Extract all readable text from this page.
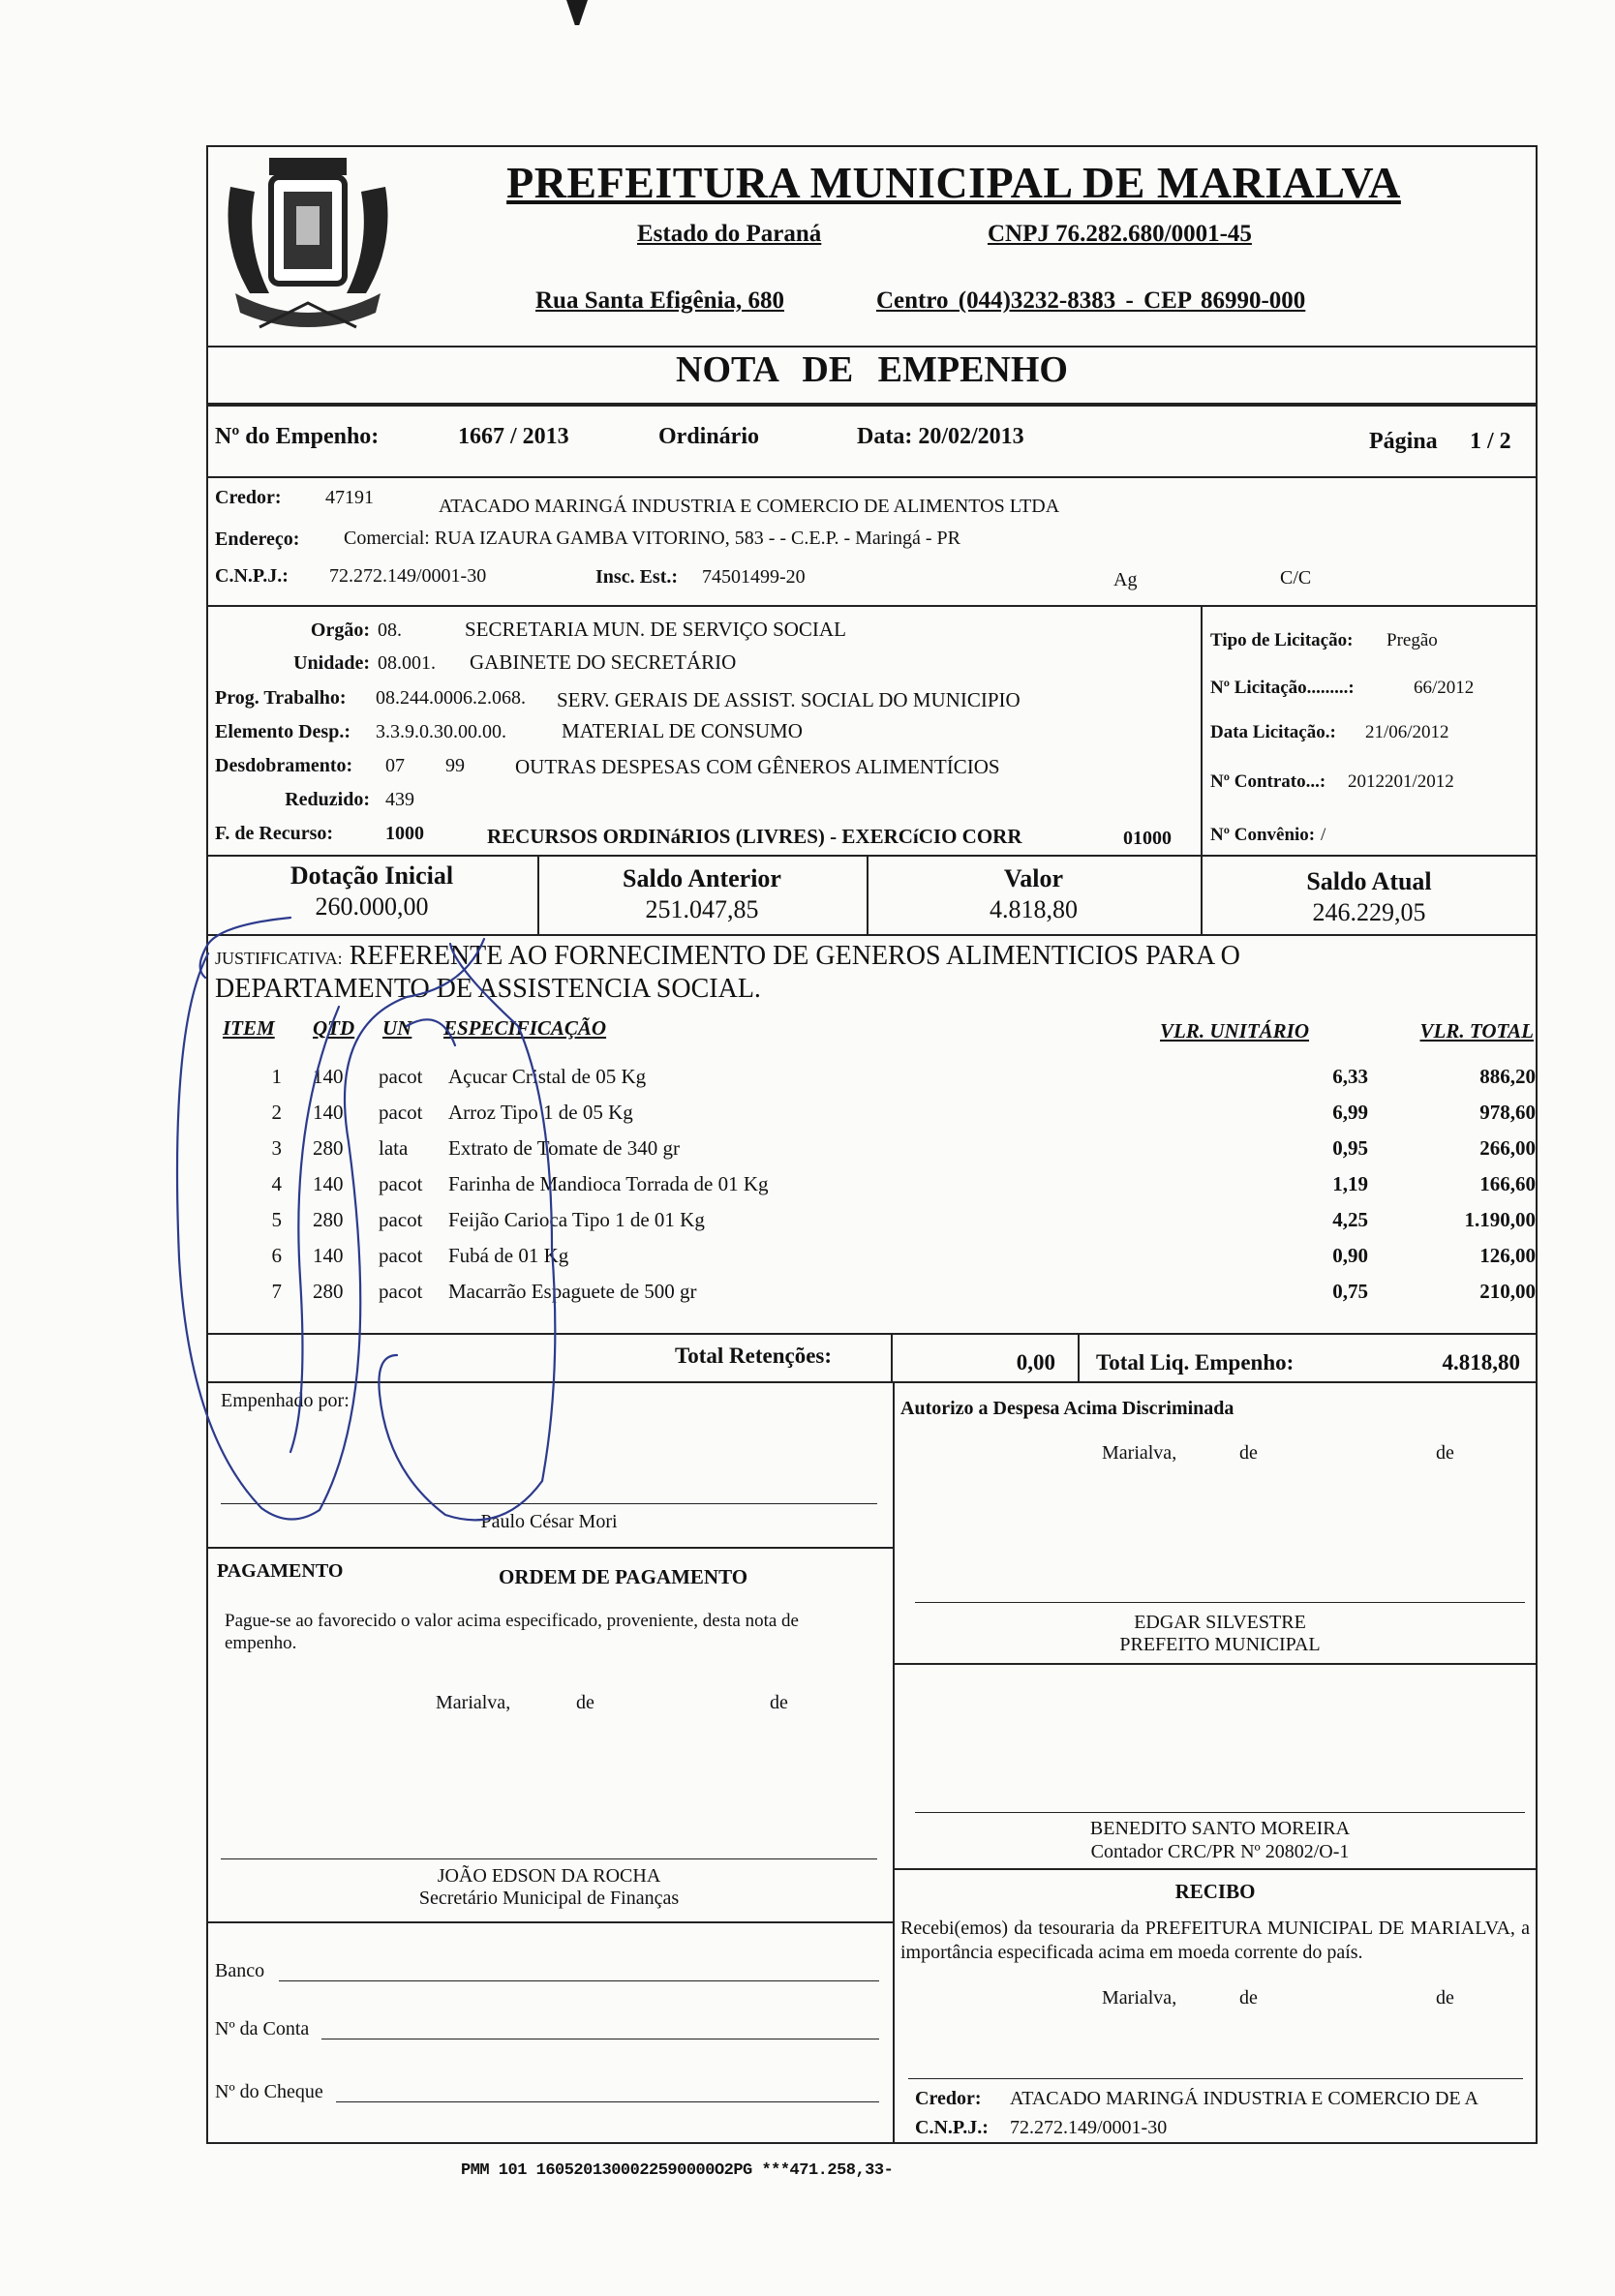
PREFEITURA MUNICIPAL DE MARIALVA
Estado do Paraná	CNPJ 76.282.680/0001-45
Rua Santa Efigênia, 680	Centro (044)3232-8383 - CEP 86990-000
NOTA DE EMPENHO
Nº do Empenho:	1667 / 2013	Ordinário	Data: 20/02/2013	Página 1 / 2
Credor: 47191	ATACADO MARINGÁ INDUSTRIA E COMERCIO DE ALIMENTOS LTDA
Endereço: Comercial: RUA IZAURA GAMBA VITORINO, 583 - - C.E.P. - Maringá - PR
C.N.P.J.: 72.272.149/0001-30	Insc. Est.: 74501499-20	Ag	C/C
Orgão: 08.	SECRETARIA MUN. DE SERVIÇO SOCIAL
Unidade: 08.001. GABINETE DO SECRETÁRIO
Prog. Trabalho: 08.244.0006.2.068. SERV. GERAIS DE ASSIST. SOCIAL DO MUNICIPIO
Elemento Desp.: 3.3.9.0.30.00.00.	MATERIAL DE CONSUMO
Desdobramento: 07 99 OUTRAS DESPESAS COM GÊNEROS ALIMENTÍCIOS
Reduzido: 439
F. de Recurso:	1000	RECURSOS ORDINáRIOS (LIVRES) - EXERCíCIO CORR	01000
Tipo de Licitação: Pregão
Nº Licitação.........:	66/2012
Data Licitação.: 21/06/2012
Nº Contrato...: 2012201/2012
Nº Convênio: /
Dotação Inicial
260.000,00
Saldo Anterior
251.047,85
Valor
4.818,80
Saldo Atual
246.229,05
JUSTIFICATIVA: REFERENTE AO FORNECIMENTO DE GENEROS ALIMENTICIOS PARA O
DEPARTAMENTO DE ASSISTENCIA SOCIAL.
ITEM QTD UN ESPECIFICAÇÃO	VLR. UNITÁRIO	VLR. TOTAL
1 140 pacot Açucar Cristal de 05 Kg	6,33	886,20
2 140 pacot Arroz Tipo 1 de 05 Kg	6,99	978,60
3 280 lata Extrato de Tomate de 340 gr	0,95	266,00
4 140 pacot Farinha de Mandioca Torrada de 01 Kg	1,19	166,60
5 280 pacot Feijão Carioca Tipo 1 de 01 Kg	4,25	1.190,00
6 140 pacot Fubá de 01 Kg	0,90	126,00
7 280 pacot Macarrão Espaguete de 500 gr	0,75	210,00
Total Retenções:	0,00 Total Liq. Empenho:	4.818,80
Empenhado por:
Paulo César Mori
Autorizo a Despesa Acima Discriminada
Marialva,	de	de
PAGAMENTO	ORDEM DE PAGAMENTO
Pague-se ao favorecido o valor acima especificado, proveniente, desta nota de empenho.
Marialva,	de	de
EDGAR SILVESTRE
PREFEITO MUNICIPAL
BENEDITO SANTO MOREIRA
Contador CRC/PR Nº 20802/O-1
RECIBO
Recebi(emos) da tesouraria da PREFEITURA MUNICIPAL DE MARIALVA, a importância especificada acima em moeda corrente do país.
Marialva,	de	de
JOÃO EDSON DA ROCHA
Secretário Municipal de Finanças
Banco
Nº da Conta
Nº do Cheque	Credor: ATACADO MARINGÁ INDUSTRIA E COMERCIO DE A
C.N.P.J.: 72.272.149/0001-30
PMM 101 1605201300022590000O2PG ***471.258,33-
